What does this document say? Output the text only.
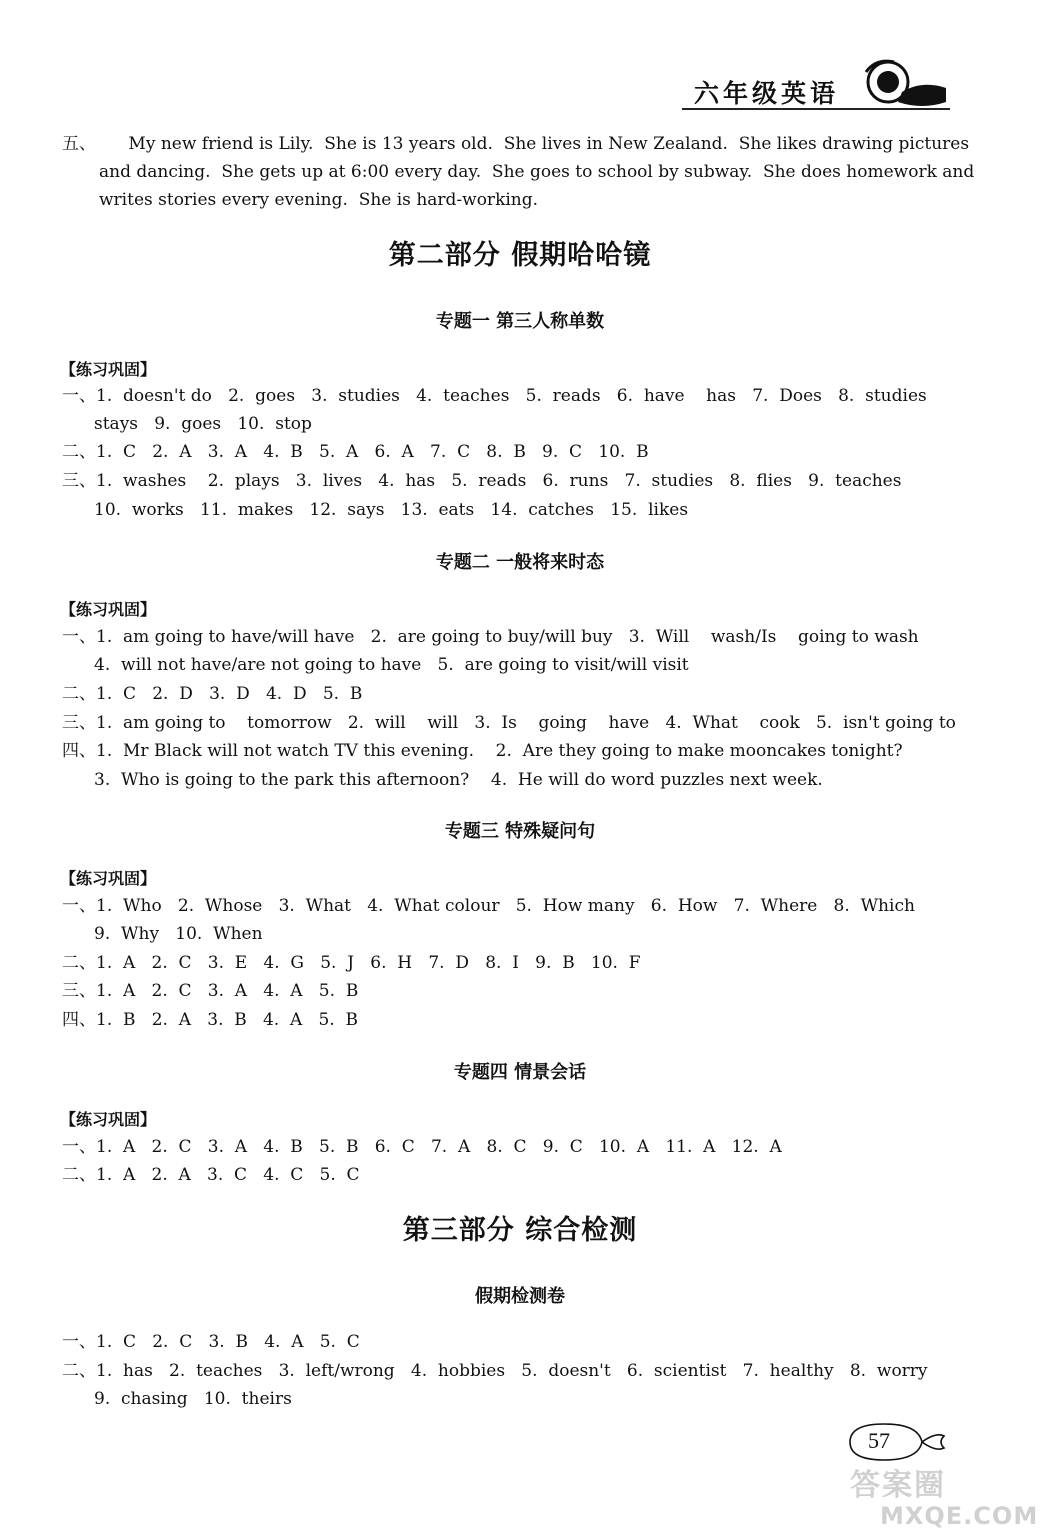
六年级英语
五、      My new friend is Lily.  She is 13 years old.  She lives in New Zealand.  She likes drawing pictures
and dancing.  She gets up at 6:00 every day.  She goes to school by subway.  She does homework and
writes stories every evening.  She is hard-working.
第二部分 假期哈哈镜
专题一 第三人称单数
【练习巩固】
一、1.  doesn't do   2.  goes   3.  studies   4.  teaches   5.  reads   6.  have    has   7.  Does   8.  studies
stays   9.  goes   10.  stop
二、1.  C   2.  A   3.  A   4.  B   5.  A   6.  A   7.  C   8.  B   9.  C   10.  B
三、1.  washes    2.  plays   3.  lives   4.  has   5.  reads   6.  runs   7.  studies   8.  flies   9.  teaches
10.  works   11.  makes   12.  says   13.  eats   14.  catches   15.  likes
专题二 一般将来时态
【练习巩固】
一、1.  am going to have/will have   2.  are going to buy/will buy   3.  Will    wash/Is    going to wash
4.  will not have/are not going to have   5.  are going to visit/will visit
二、1.  C   2.  D   3.  D   4.  D   5.  B
三、1.  am going to    tomorrow   2.  will    will   3.  Is    going    have   4.  What    cook   5.  isn't going to
四、1.  Mr Black will not watch TV this evening.    2.  Are they going to make mooncakes tonight?
3.  Who is going to the park this afternoon?    4.  He will do word puzzles next week.
专题三 特殊疑问句
【练习巩固】
一、1.  Who   2.  Whose   3.  What   4.  What colour   5.  How many   6.  How   7.  Where   8.  Which
9.  Why   10.  When
二、1.  A   2.  C   3.  E   4.  G   5.  J   6.  H   7.  D   8.  I   9.  B   10.  F
三、1.  A   2.  C   3.  A   4.  A   5.  B
四、1.  B   2.  A   3.  B   4.  A   5.  B
专题四 情景会话
【练习巩固】
一、1.  A   2.  C   3.  A   4.  B   5.  B   6.  C   7.  A   8.  C   9.  C   10.  A   11.  A   12.  A
二、1.  A   2.  A   3.  C   4.  C   5.  C
第三部分 综合检测
假期检测卷
一、1.  C   2.  C   3.  B   4.  A   5.  C
二、1.  has   2.  teaches   3.  left/wrong   4.  hobbies   5.  doesn't   6.  scientist   7.  healthy   8.  worry
9.  chasing   10.  theirs
57
答案圈
MXQE.COM
